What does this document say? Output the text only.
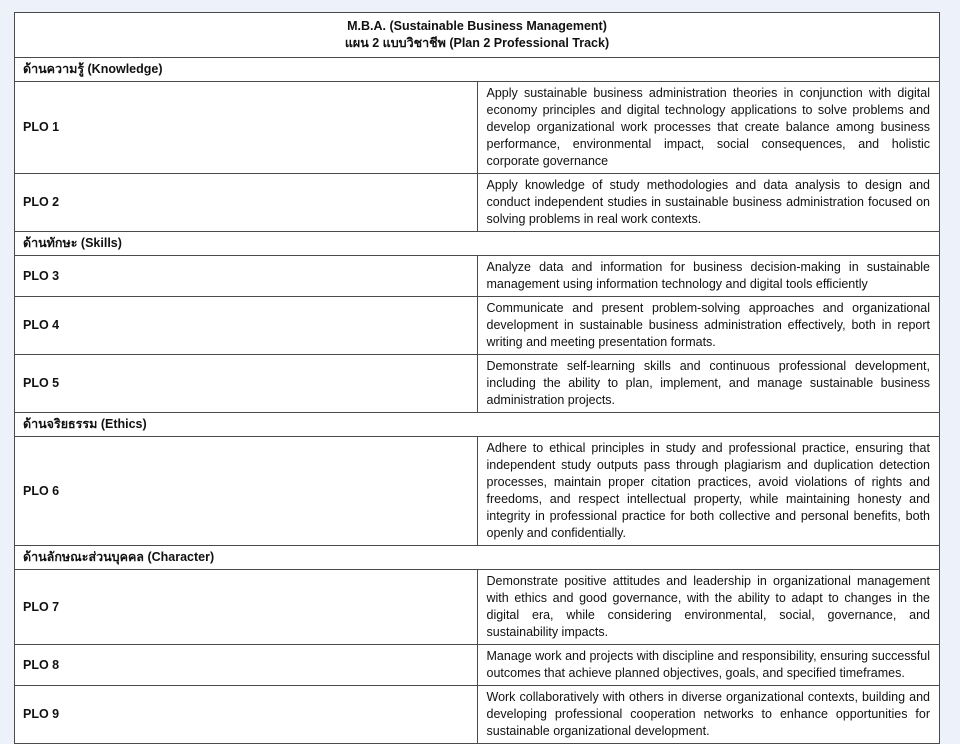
M.B.A. (Sustainable Business Management)
แผน 2 แบบวิชาชีพ (Plan 2 Professional Track)	

ด้านความรู้ (Knowledge)	
PLO 1	Apply sustainable business administration theories in conjunction with digital economy principles and digital technology applications to solve problems and develop organizational work processes that create balance among business performance, environmental impact, social consequences, and holistic corporate governance
PLO 2	Apply knowledge of study methodologies and data analysis to design and conduct independent studies in sustainable business administration focused on solving problems in real work contexts.
ด้านทักษะ (Skills)	
PLO 3	Analyze data and information for business decision-making in sustainable management using information technology and digital tools efficiently
PLO 4	Communicate and present problem-solving approaches and organizational development in sustainable business administration effectively, both in report writing and meeting presentation formats.
PLO 5	Demonstrate self-learning skills and continuous professional development, including the ability to plan, implement, and manage sustainable business administration projects.
ด้านจริยธรรม (Ethics)	
PLO 6	Adhere to ethical principles in study and professional practice, ensuring that independent study outputs pass through plagiarism and duplication detection processes, maintain proper citation practices, avoid violations of rights and freedoms, and respect intellectual property, while maintaining honesty and integrity in professional practice for both collective and personal benefits, both openly and confidentially.
ด้านลักษณะส่วนบุคคล (Character)	
PLO 7	Demonstrate positive attitudes and leadership in organizational management with ethics and good governance, with the ability to adapt to changes in the digital era, while considering environmental, social, governance, and sustainability impacts.
PLO 8	Manage work and projects with discipline and responsibility, ensuring successful outcomes that achieve planned objectives, goals, and specified timeframes.
PLO 9	Work collaboratively with others in diverse organizational contexts, building and developing professional cooperation networks to enhance opportunities for sustainable organizational development.
